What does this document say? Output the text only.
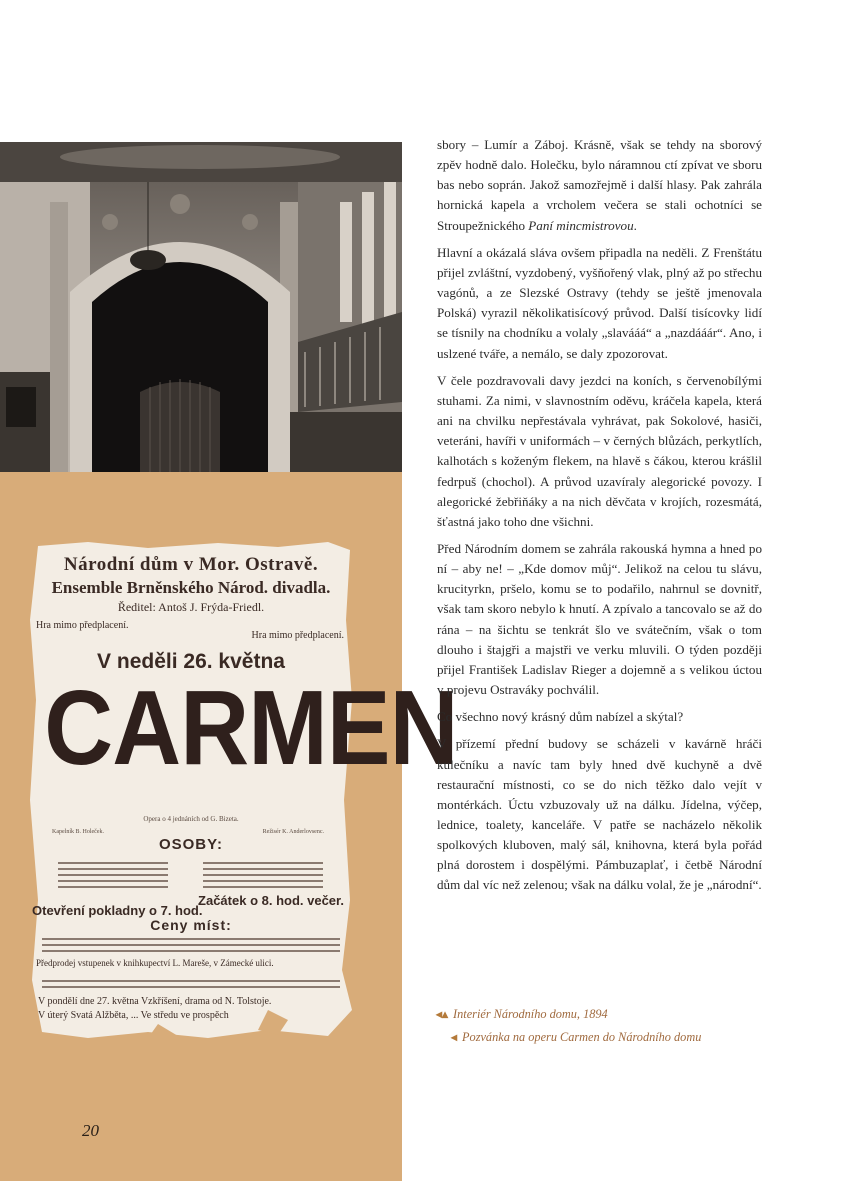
Národní dům v Mor. Ostravě.
Ensemble Brněnského Národ. divadla.
Ředitel: Antoš J. Frýda-Friedl.
Hra mimo předplacení.
Hra mimo předplacení.
V neděli 26. května
CARMEN
Opera o 4 jednáních od G. Bizeta.
Kapelník B. Holeček.	Režisér K. Anderlovsenc.
OSOBY:
Začátek o 8. hod. večer.
Otevření pokladny o 7. hod.
Ceny míst:
Předprodej vstupenek v knihkupectví L. Mareše, v Zámecké ulici.
V pondělí dne 27. května Vzkříšení, drama od N. Tolstoje.
V úterý Svatá Alžběta, ... Ve středu ve prospěch
20

sbory – Lumír a Záboj. Krásně, však se tehdy na sborový zpěv hodně dalo. Holečku, bylo náramnou ctí zpívat ve sboru bas nebo soprán. Jakož samozřejmě i další hlasy. Pak zahrála hornická kapela a vrcholem večera se stali ochotníci se Stroupežnického Paní mincmistrovou.

Hlavní a okázalá sláva ovšem připadla na neděli. Z Frenštátu přijel zvláštní, vyzdobený, vyšňořený vlak, plný až po střechu vagónů, a ze Slezské Ostravy (tehdy se ještě jmenovala Polská) vyrazil několikatisícový průvod. Další tisícovky lidí se tísnily na chodníku a volaly „slavááá“ a „nazdááár“. Ano, i uslzené tváře, a nemálo, se daly zpozorovat.

V čele pozdravovali davy jezdci na koních, s červenobílými stuhami. Za nimi, v slavnostním oděvu, kráčela kapela, která ani na chvilku nepřestávala vyhrávat, pak Sokolové, hasiči, veteráni, havíři v uniformách – v černých blůzách, perkytlích, kalhotách s koženým flekem, na hlavě s čákou, kterou krášlil fedrpuš (chochol). A průvod uzavíraly alegorické povozy. I alegorické žebřiňáky a na nich děvčata v krojích, rozesmátá, šťastná jako toho dne všichni.

Před Národním domem se zahrála rakouská hymna a hned po ní – aby ne! – „Kde domov můj“. Jelikož na celou tu slávu, krucityrkn, pršelo, komu se to podařilo, nahrnul se dovnitř, však tam skoro nebylo k hnutí. A zpívalo a tancovalo se až do rána – na šichtu se tenkrát šlo ve svátečním, však o tom dlouho i štajgři a majstři ve verku mluvili. O týden později přijel František Ladislav Rieger a dojemně a s velikou úctou v projevu Ostraváky pochválil.

Co všechno nový krásný dům nabízel a skýtal?

V přízemí přední budovy se scházeli v kavárně hráči kulečníku a navíc tam byly hned dvě kuchyně a dvě restaurační místnosti, co se do nich těžko dalo vejít v montérkách. Úctu vzbuzovaly už na dálku. Jídelna, výčep, lednice, toalety, kanceláře. V patře se nacházelo několik spolkových kluboven, malý sál, knihovna, která byla pořád plná dorostem i dospělými. Pámbuzaplať, i četbě Národní dům dal víc než zelenou; však na dálku volal, že je „národní“.

◂▴ Interiér Národního domu, 1894
◂ Pozvánka na operu Carmen do Národního domu
